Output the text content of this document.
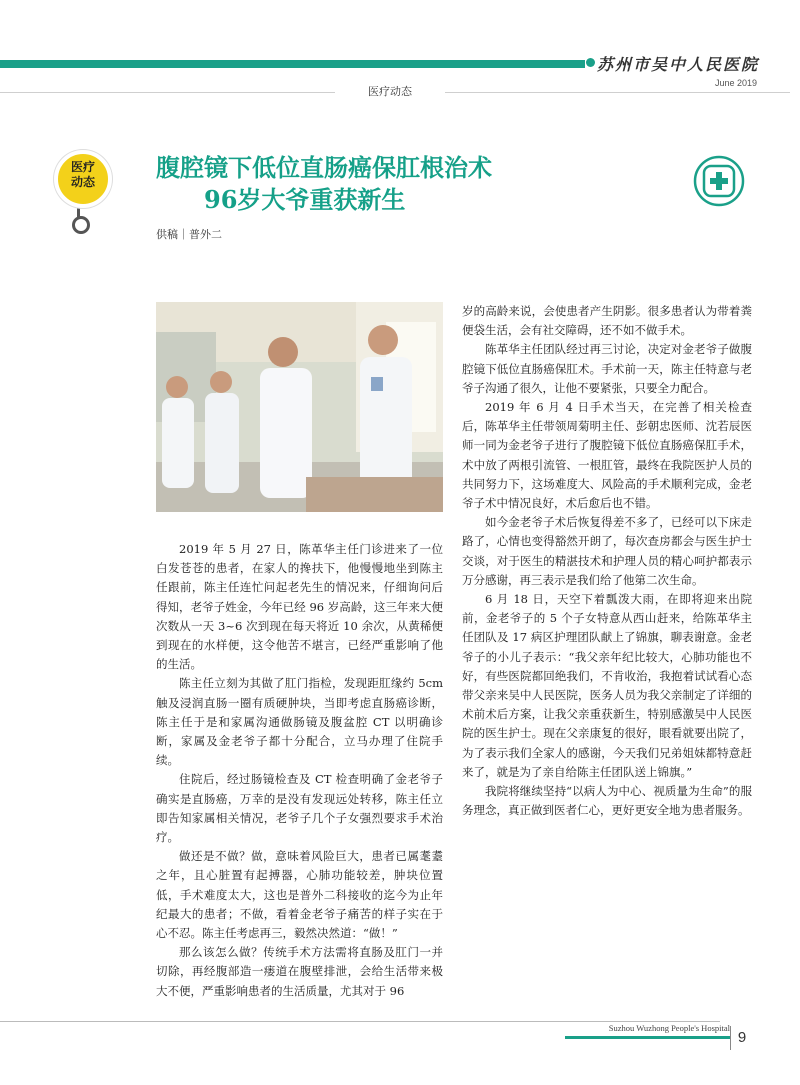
苏州市吴中人民医院
June 2019
医疗动态
医疗
动态	腹腔镜下低位直肠癌保肛根治术
96岁大爷重获新生
供稿｜普外二

2019 年 5 月 27 日，陈革华主任门诊进来了一位白发苍苍的患者，在家人的搀扶下，他慢慢地坐到陈主任跟前，陈主任连忙问起老先生的情况来，仔细询问后得知，老爷子姓金，今年已经 96 岁高龄，这三年来大便次数从一天 3~6 次到现在每天将近 10 余次，从黄稀便到现在的水样便，这令他苦不堪言，已经严重影响了他的生活。

陈主任立刻为其做了肛门指检，发现距肛缘约 5cm 触及浸润直肠一圈有质硬肿块，当即考虑直肠癌诊断，陈主任于是和家属沟通做肠镜及腹盆腔 CT 以明确诊断，家属及金老爷子都十分配合，立马办理了住院手续。

住院后，经过肠镜检查及 CT 检查明确了金老爷子确实是直肠癌，万幸的是没有发现远处转移，陈主任立即告知家属相关情况，老爷子几个子女强烈要求手术治疗。

做还是不做？做，意味着风险巨大，患者已属耄耋之年，且心脏置有起搏器，心肺功能较差，肿块位置低，手术难度太大，这也是普外二科接收的迄今为止年纪最大的患者；不做，看着金老爷子痛苦的样子实在于心不忍。陈主任考虑再三，毅然决然道：“做！”

那么该怎么做？传统手术方法需将直肠及肛门一并切除，再经腹部造一瘘道在腹壁排泄，会给生活带来极大不便，严重影响患者的生活质量，尤其对于 96

岁的高龄来说，会使患者产生阴影。很多患者认为带着粪便袋生活，会有社交障碍，还不如不做手术。

陈革华主任团队经过再三讨论，决定对金老爷子做腹腔镜下低位直肠癌保肛术。手术前一天，陈主任特意与老爷子沟通了很久，让他不要紧张，只要全力配合。

2019 年 6 月 4 日手术当天，在完善了相关检查后，陈革华主任带领周菊明主任、彭朝忠医师、沈若辰医师一同为金老爷子进行了腹腔镜下低位直肠癌保肛手术，术中放了两根引流管、一根肛管，最终在我院医护人员的共同努力下，这场难度大、风险高的手术顺利完成，金老爷子术中情况良好，术后愈后也不错。

如今金老爷子术后恢复得差不多了，已经可以下床走路了，心情也变得豁然开朗了，每次查房都会与医生护士交谈，对于医生的精湛技术和护理人员的精心呵护都表示万分感谢，再三表示是我们给了他第二次生命。

6 月 18 日，天空下着瓢泼大雨，在即将迎来出院前，金老爷子的 5 个子女特意从西山赶来，给陈革华主任团队及 17 病区护理团队献上了锦旗，聊表谢意。金老爷子的小儿子表示：“我父亲年纪比较大，心肺功能也不好，有些医院都回绝我们，不肯收治，我抱着试试看心态带父亲来吴中人民医院，医务人员为我父亲制定了详细的术前术后方案，让我父亲重获新生，特别感激吴中人民医院的医生护士。现在父亲康复的很好，眼看就要出院了，为了表示我们全家人的感谢，今天我们兄弟姐妹都特意赶来了，就是为了亲自给陈主任团队送上锦旗。”

我院将继续坚持“以病人为中心、视质量为生命”的服务理念，真正做到医者仁心，更好更安全地为患者服务。

Suzhou Wuzhong People's Hospital
9
